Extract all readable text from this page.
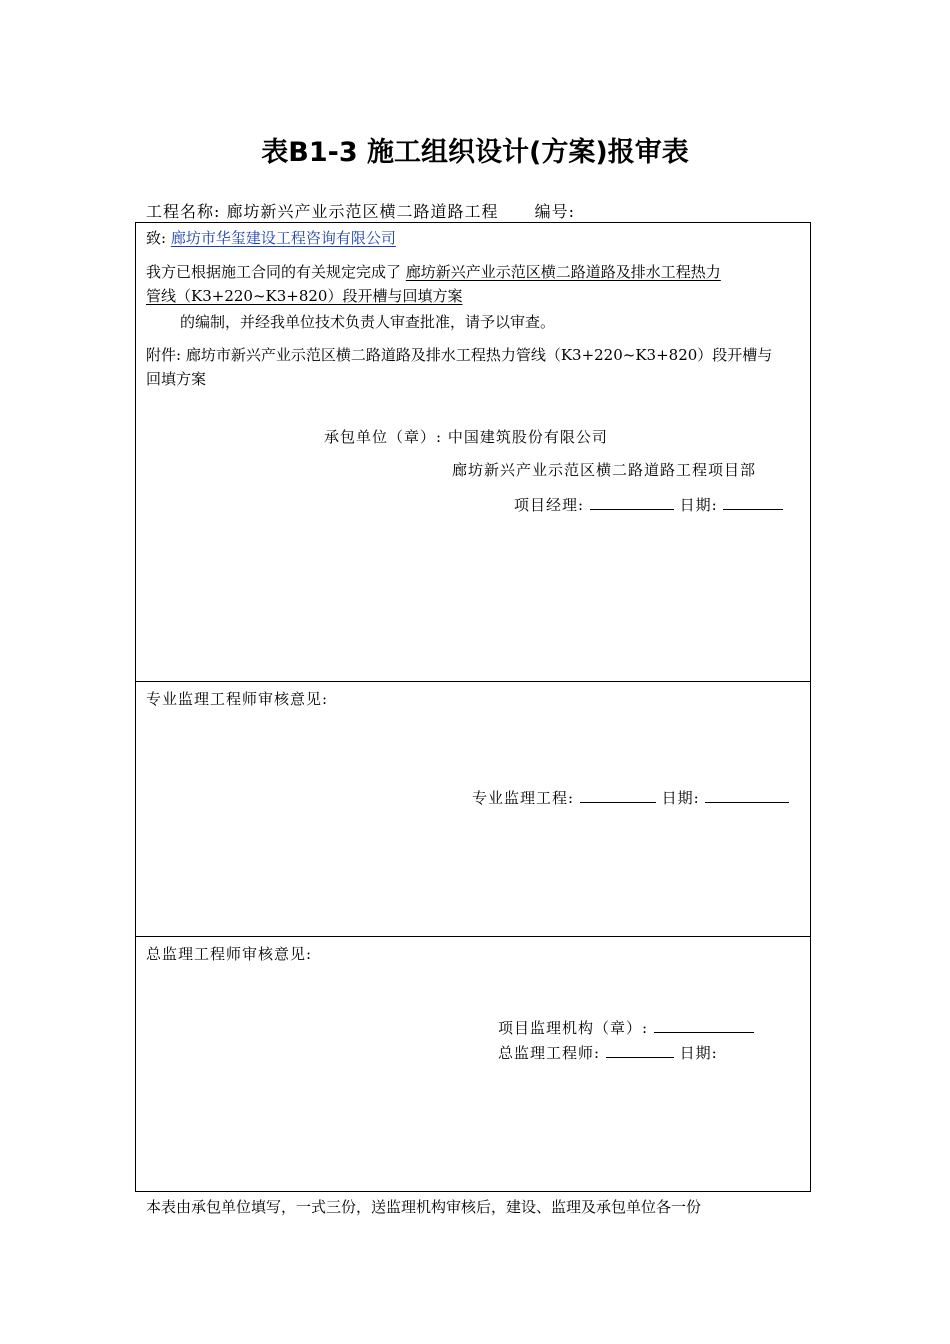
表B1-3 施工组织设计(方案)报审表
工程名称: 廊坊新兴产业示范区横二路道路工程 编号:
致: 廊坊市华玺建设工程咨询有限公司
我方已根据施工合同的有关规定完成了 廊坊新兴产业示范区横二路道路及排水工程热力
管线（K3+220~K3+820）段开槽与回填方案
的编制，并经我单位技术负责人审查批准，请予以审查。
附件: 廊坊市新兴产业示范区横二路道路及排水工程热力管线（K3+220~K3+820）段开槽与
回填方案
承包单位（章）: 中国建筑股份有限公司
廊坊新兴产业示范区横二路道路工程项目部
项目经理:	日期:
专业监理工程师审核意见:
专业监理工程:	日期:
总监理工程师审核意见:
项目监理机构（章）:
总监理工程师:	日期:
本表由承包单位填写，一式三份，送监理机构审核后，建设、监理及承包单位各一份
